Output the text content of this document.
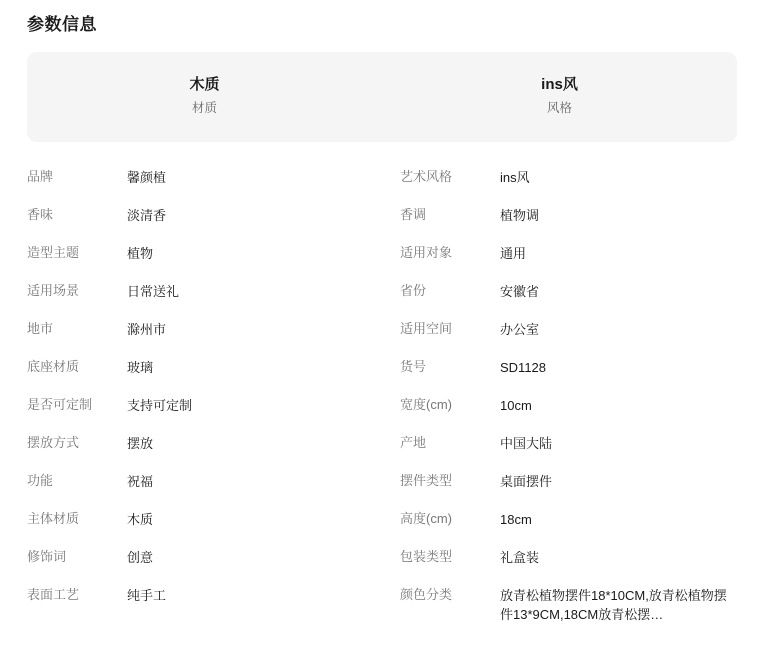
参数信息
木质
材质
ins风
风格
品牌	馨颜植
香味	淡清香
造型主题	植物
适用场景	日常送礼
地市	滁州市
底座材质	玻璃
是否可定制	支持可定制
摆放方式	摆放
功能	祝福
主体材质	木质
修饰词	创意
表面工艺	纯手工
艺术风格	ins风
香调	植物调
适用对象	通用
省份	安徽省
适用空间	办公室
货号	SD1128
宽度(cm)	10cm
产地	中国大陆
摆件类型	桌面摆件
高度(cm)	18cm
包装类型	礼盒装
颜色分类	放青松植物摆件18*10CM,放青松植物摆件13*9CM,18CM放青松摆…
